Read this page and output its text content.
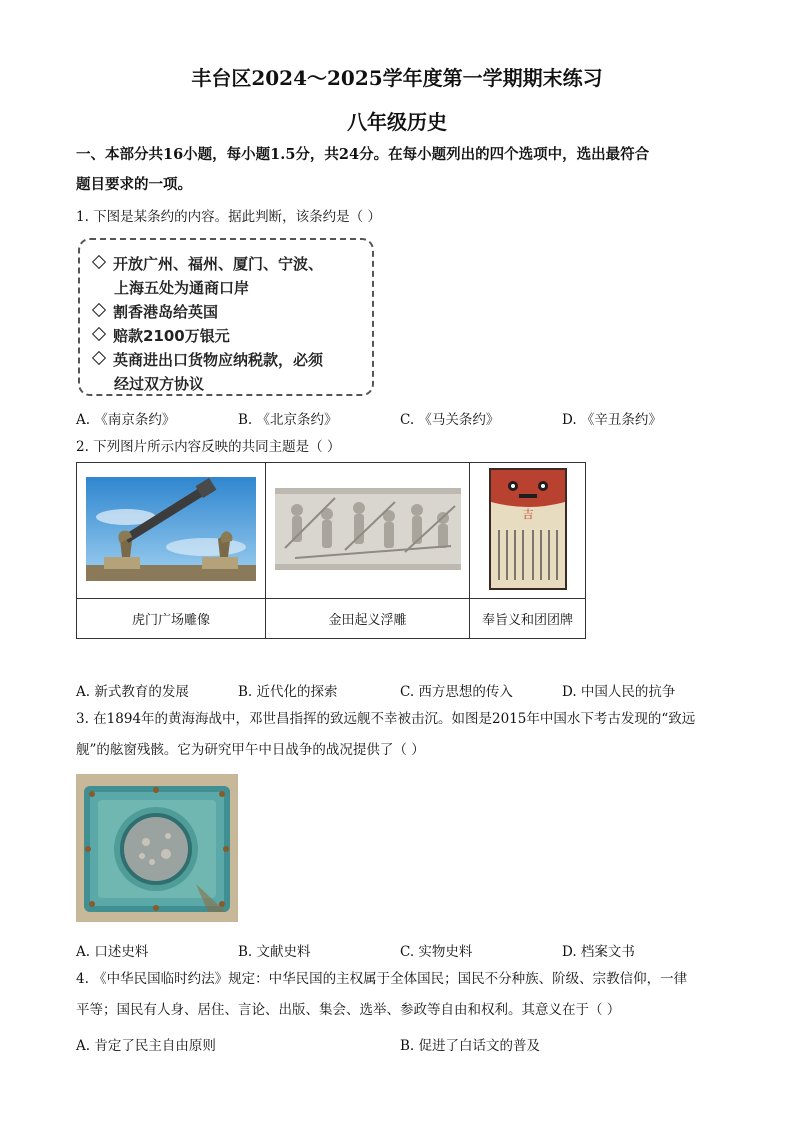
丰台区2024～2025学年度第一学期期末练习
八年级历史
一、本部分共16小题，每小题1.5分，共24分。在每小题列出的四个选项中，选出最符合
题目要求的一项。
1. 下图是某条约的内容。据此判断，该条约是（ ）
开放广州、福州、厦门、宁波、
上海五处为通商口岸
割香港岛给英国
赔款2100万银元
英商进出口货物应纳税款，必须
经过双方协议
A. 《南京条约》	B. 《北京条约》	C. 《马关条约》	D. 《辛丑条约》
2. 下列图片所示内容反映的共同主题是（ ）

吉

虎门广场雕像	金田起义浮雕	奉旨义和团团牌
A. 新式教育的发展	B. 近代化的探索	C. 西方思想的传入	D. 中国人民的抗争
3. 在1894年的黄海海战中，邓世昌指挥的致远舰不幸被击沉。如图是2015年中国水下考古发现的“致远
舰”的舷窗残骸。它为研究甲午中日战争的战况提供了（ ）
A. 口述史料	B. 文献史料	C. 实物史料	D. 档案文书
4. 《中华民国临时约法》规定：中华民国的主权属于全体国民；国民不分种族、阶级、宗教信仰，一律
平等；国民有人身、居住、言论、出版、集会、选举、参政等自由和权利。其意义在于（ ）
A. 肯定了民主自由原则	B. 促进了白话文的普及
